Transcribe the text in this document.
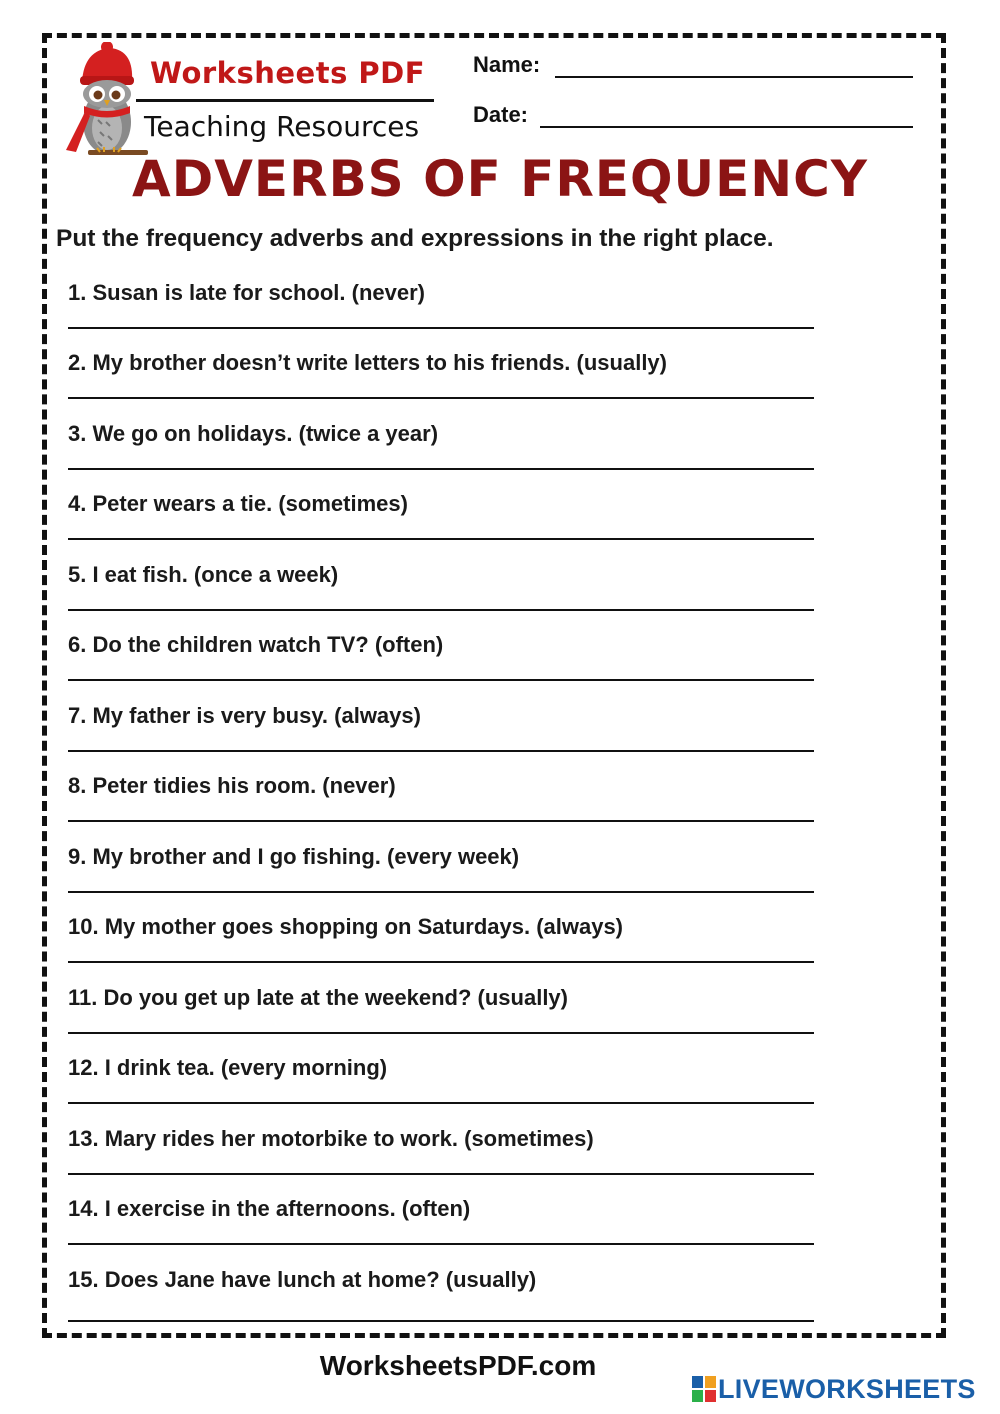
Worksheets PDF
Teaching Resources
Name:
Date:
ADVERBS OF FREQUENCY
Put the frequency adverbs and expressions in the right place.
1. Susan is late for school. (never)
2. My brother doesn’t write letters to his friends. (usually)
3. We go on holidays. (twice a year)
4. Peter wears a tie. (sometimes)
5. I eat fish. (once a week)
6. Do the children watch TV? (often)
7. My father is very busy. (always)
8. Peter tidies his room. (never)
9. My brother and I go fishing. (every week)
10. My mother goes shopping on Saturdays. (always)
11. Do you get up late at the weekend? (usually)
12. I drink tea. (every morning)
13. Mary rides her motorbike to work. (sometimes)
14. I exercise in the afternoons. (often)
15. Does Jane have lunch at home? (usually)
WorksheetsPDF.com
LIVEWORKSHEETS
